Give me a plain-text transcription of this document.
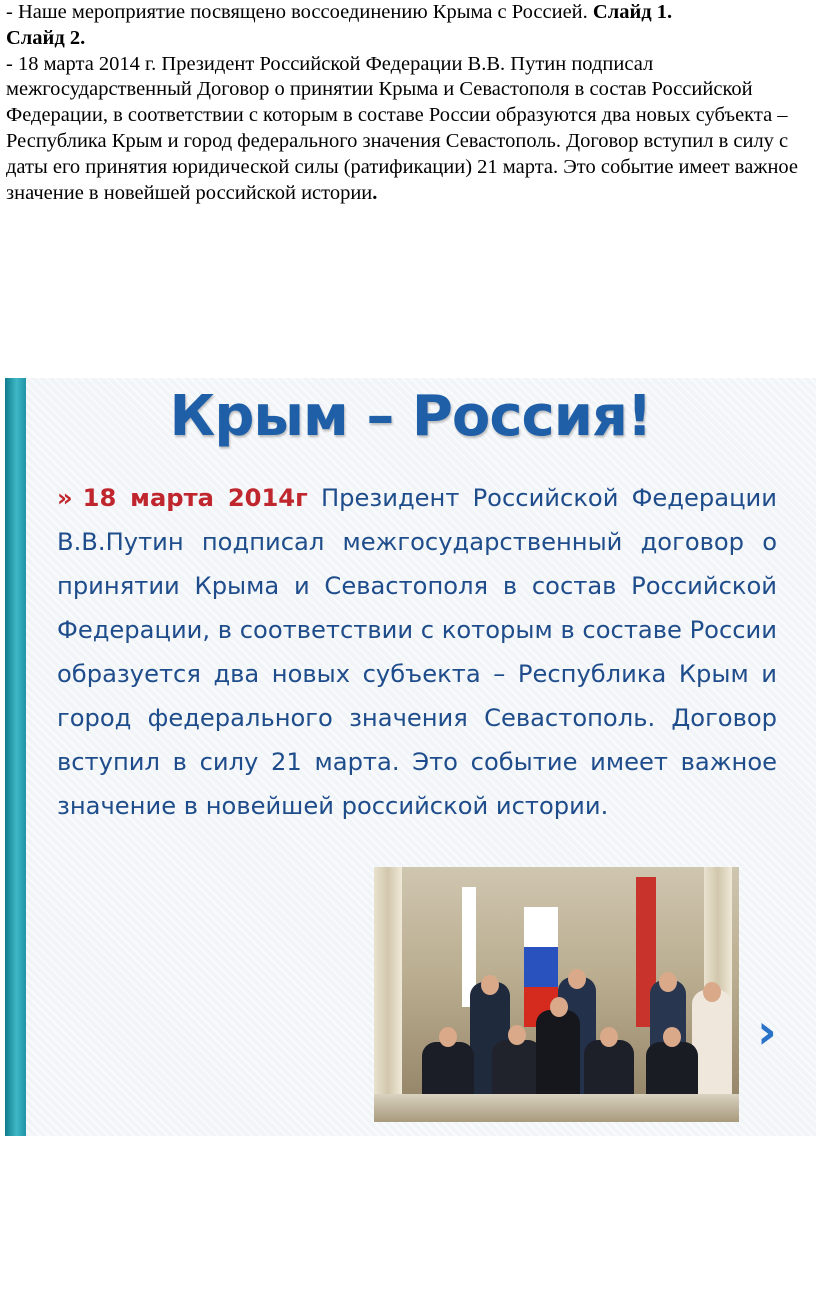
- Наше мероприятие посвящено воссоединению Крыма с Россией. Слайд 1.

Слайд 2.

- 18 марта 2014 г. Президент Российской Федерации В.В. Путин подписал межгосударственный Договор о принятии Крыма и Севастополя в состав Российской Федерации, в соответствии с которым в составе России образуются два новых субъекта – Республика Крым и город федерального значения Севастополь. Договор вступил в силу с даты его принятия юридической силы (ратификации) 21 марта. Это событие имеет важное значение в новейшей российской истории.

Крым – Россия!
» 18 марта 2014г Президент Российской Федерации В.В.Путин подписал межгосударственный договор о принятии Крыма и Севастополя в состав Российской Федерации, в соответствии с которым в составе России образуется два новых субъекта – Республика Крым и город федерального значения Севастополь. Договор вступил в силу 21 марта. Это событие имеет важное значение в новейшей российской истории.
›
